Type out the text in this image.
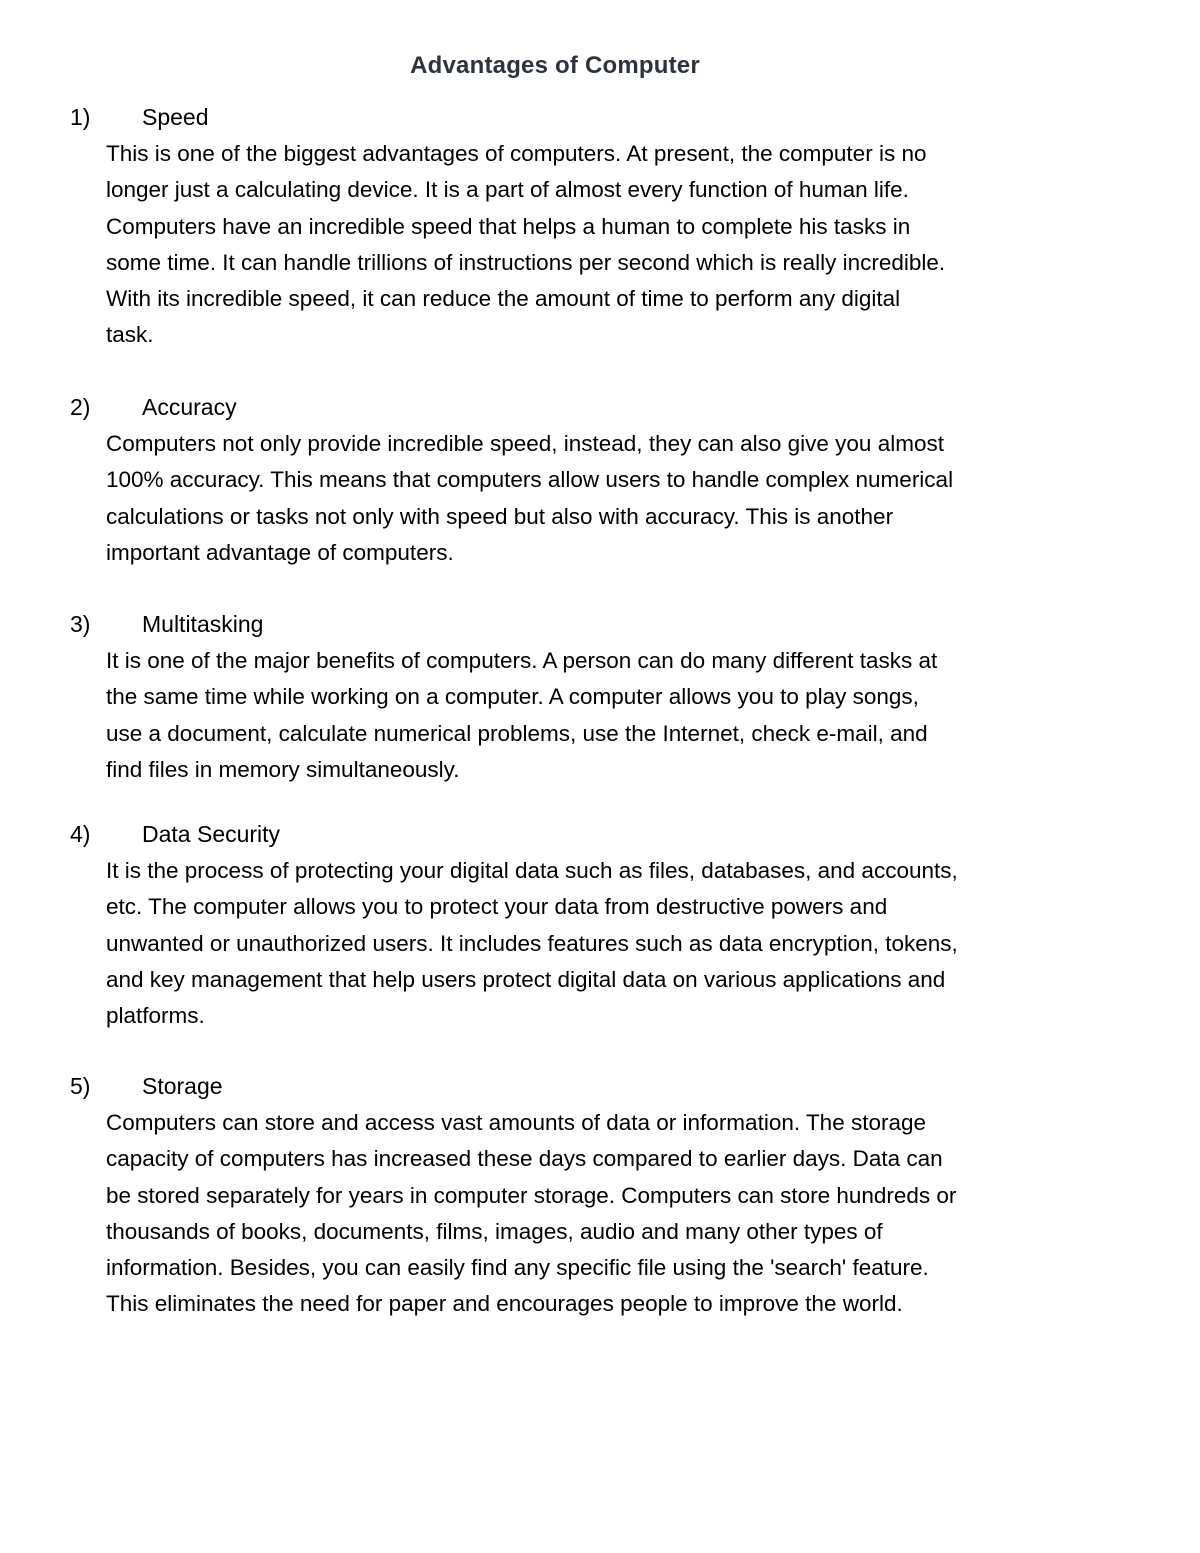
Advantages of Computer
1) Speed
This is one of the biggest advantages of computers. At present, the computer is no
longer just a calculating device. It is a part of almost every function of human life.
Computers have an incredible speed that helps a human to complete his tasks in
some time. It can handle trillions of instructions per second which is really incredible.
With its incredible speed, it can reduce the amount of time to perform any digital
task.
2) Accuracy
Computers not only provide incredible speed, instead, they can also give you almost
100% accuracy. This means that computers allow users to handle complex numerical
calculations or tasks not only with speed but also with accuracy. This is another
important advantage of computers.
3) Multitasking
It is one of the major benefits of computers. A person can do many different tasks at
the same time while working on a computer. A computer allows you to play songs,
use a document, calculate numerical problems, use the Internet, check e-mail, and
find files in memory simultaneously.
4) Data Security
It is the process of protecting your digital data such as files, databases, and accounts,
etc. The computer allows you to protect your data from destructive powers and
unwanted or unauthorized users. It includes features such as data encryption, tokens,
and key management that help users protect digital data on various applications and
platforms.
5) Storage
Computers can store and access vast amounts of data or information. The storage
capacity of computers has increased these days compared to earlier days. Data can
be stored separately for years in computer storage. Computers can store hundreds or
thousands of books, documents, films, images, audio and many other types of
information. Besides, you can easily find any specific file using the 'search' feature.
This eliminates the need for paper and encourages people to improve the world.
